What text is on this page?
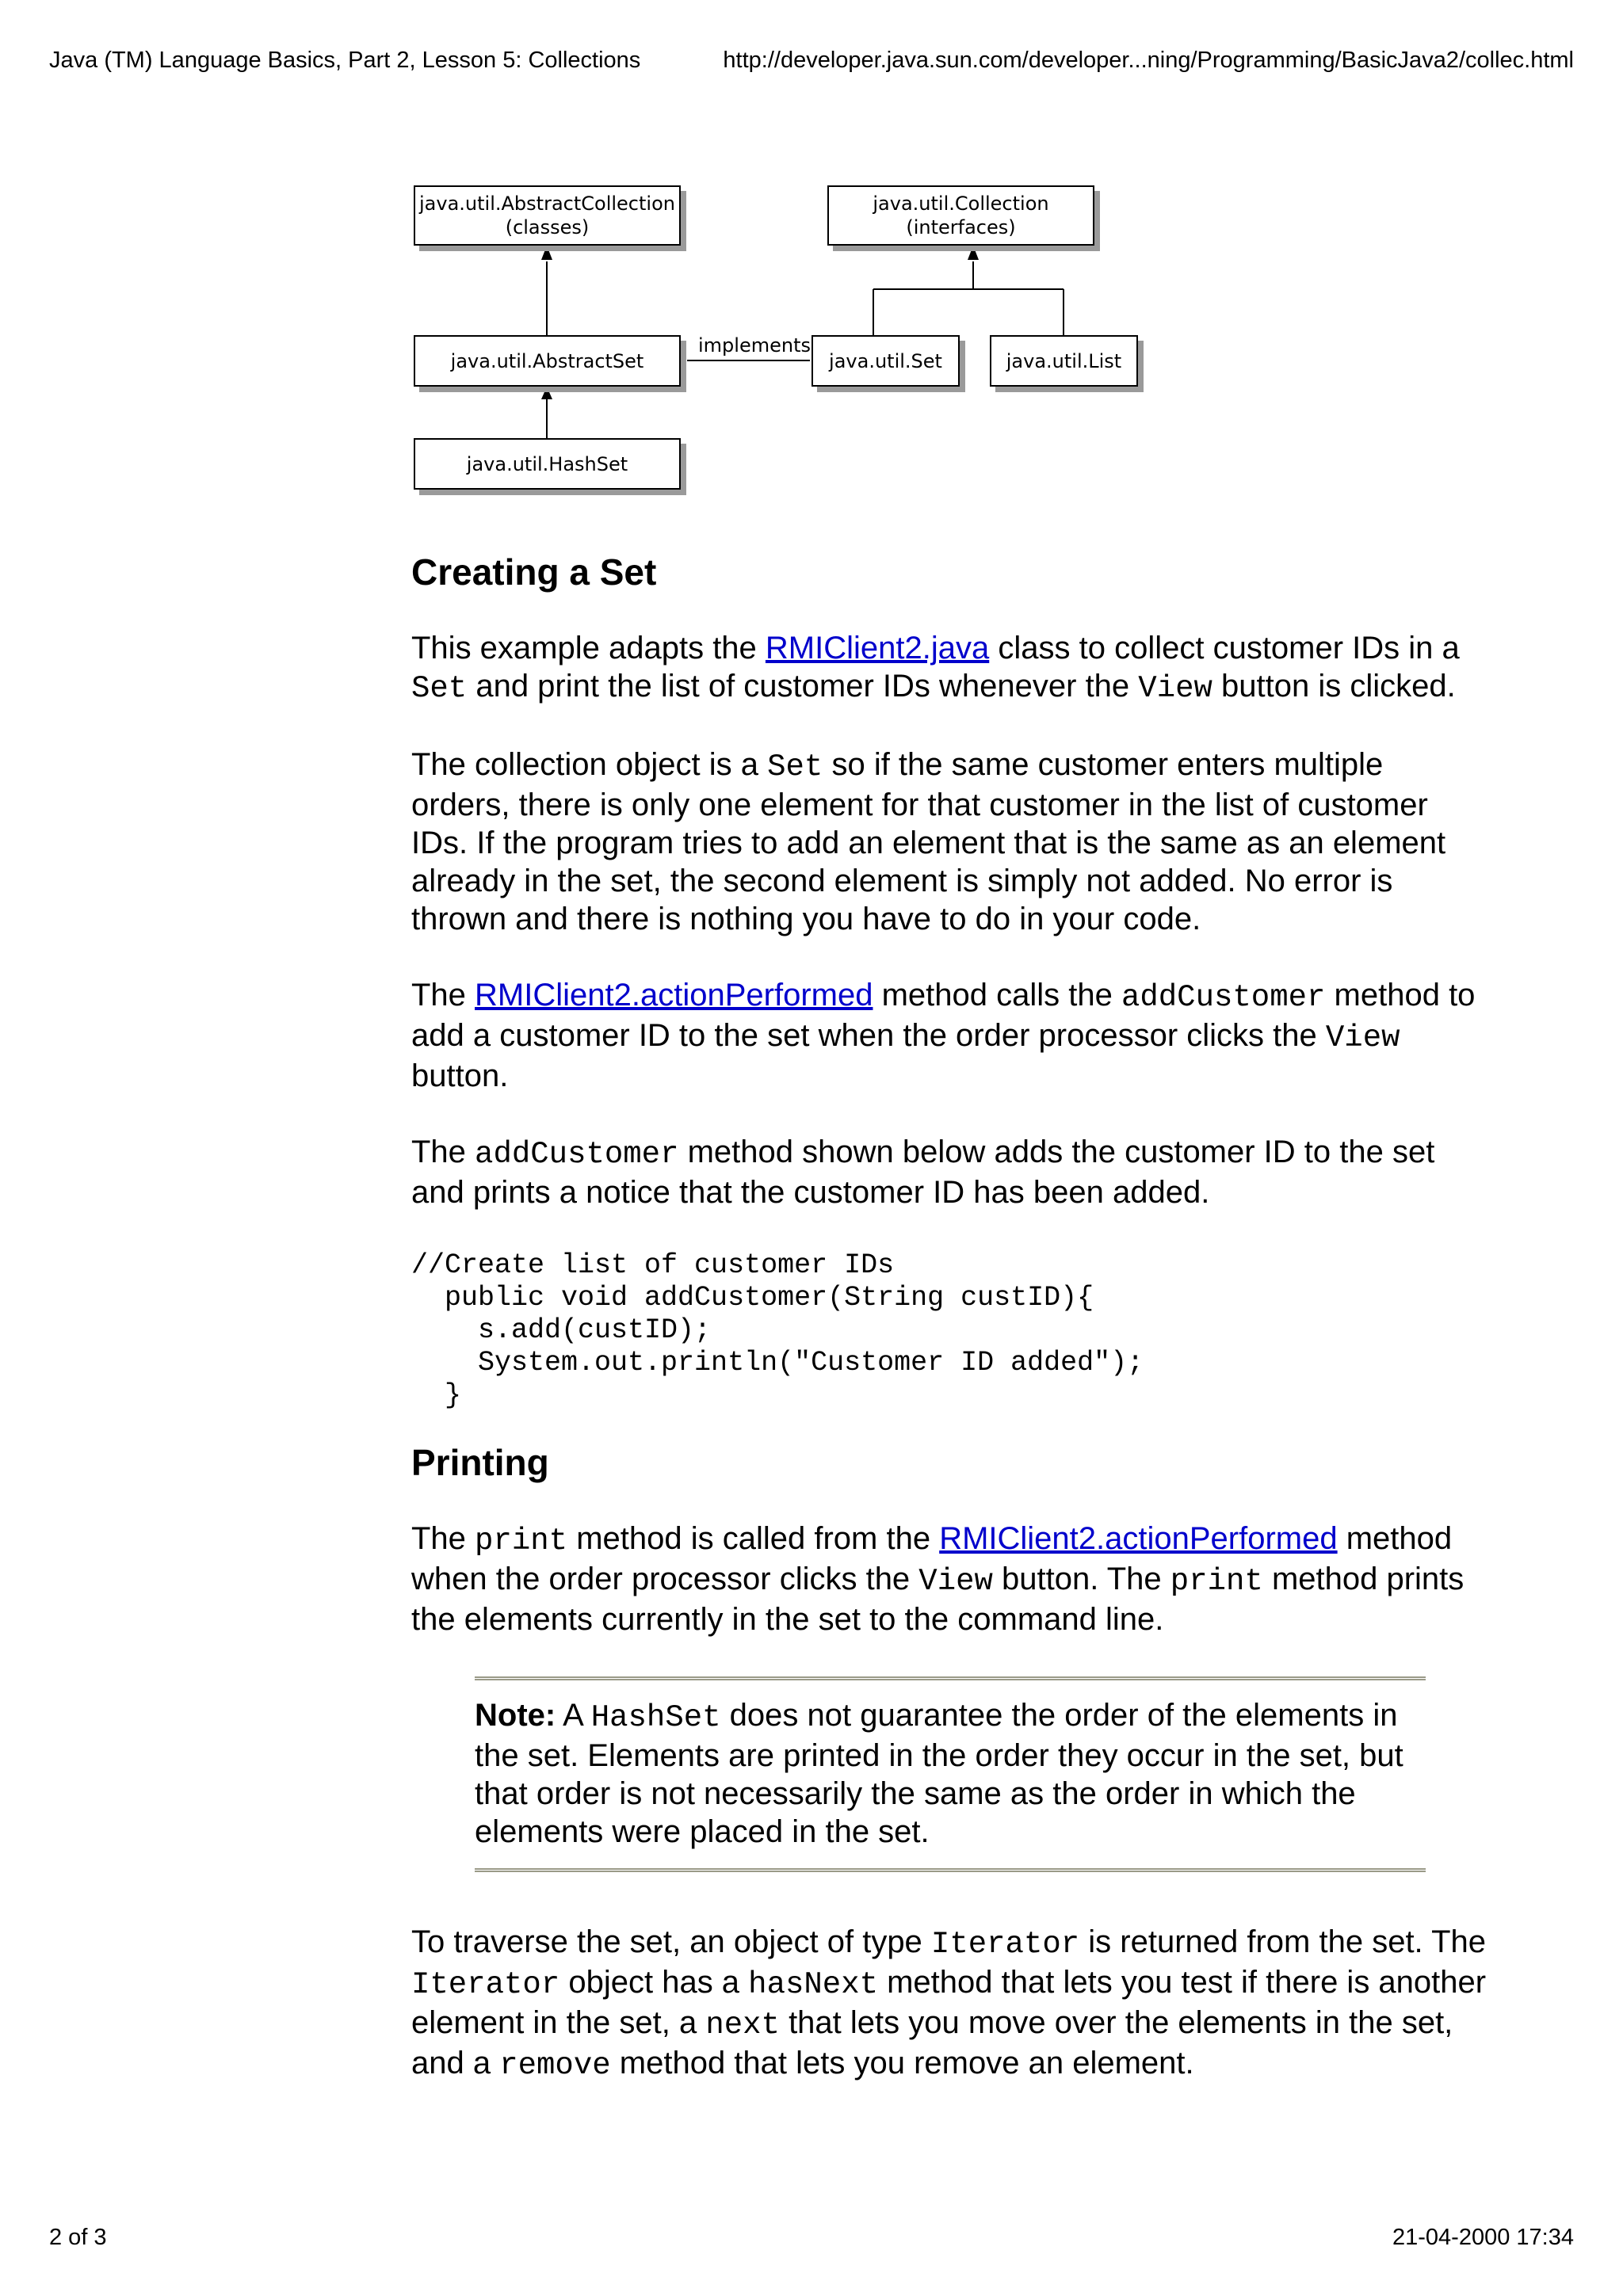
Java (TM) Language Basics, Part 2, Lesson 5: Collections	http://developer.java.sun.com/developer...ning/Programming/BasicJava2/collec.html
java.util.AbstractCollection
(classes)
java.util.Collection
(interfaces)
java.util.AbstractSet
implements
java.util.Set	java.util.List
java.util.HashSet
Creating a Set

This example adapts the RMIClient2.java class to collect customer IDs in a Set and print the list of customer IDs whenever the View button is clicked.

The collection object is a Set so if the same customer enters multiple orders, there is only one element for that customer in the list of customer IDs. If the program tries to add an element that is the same as an element already in the set, the second element is simply not added. No error is thrown and there is nothing you have to do in your code.

The RMIClient2.actionPerformed method calls the addCustomer method to add a customer ID to the set when the order processor clicks the View button.

The addCustomer method shown below adds the customer ID to the set and prints a notice that the customer ID has been added.

//Create list of customer IDs
public void addCustomer(String custID){
s.add(custID);
System.out.println("Customer ID added");
}
Printing

The print method is called from the RMIClient2.actionPerformed method when the order processor clicks the View button. The print method prints the elements currently in the set to the command line.

Note: A HashSet does not guarantee the order of the elements in the set. Elements are printed in the order they occur in the set, but that order is not necessarily the same as the order in which the elements were placed in the set.

To traverse the set, an object of type Iterator is returned from the set. The Iterator object has a hasNext method that lets you test if there is another element in the set, a next that lets you move over the elements in the set, and a remove method that lets you remove an element.

2 of 3	21-04-2000 17:34
